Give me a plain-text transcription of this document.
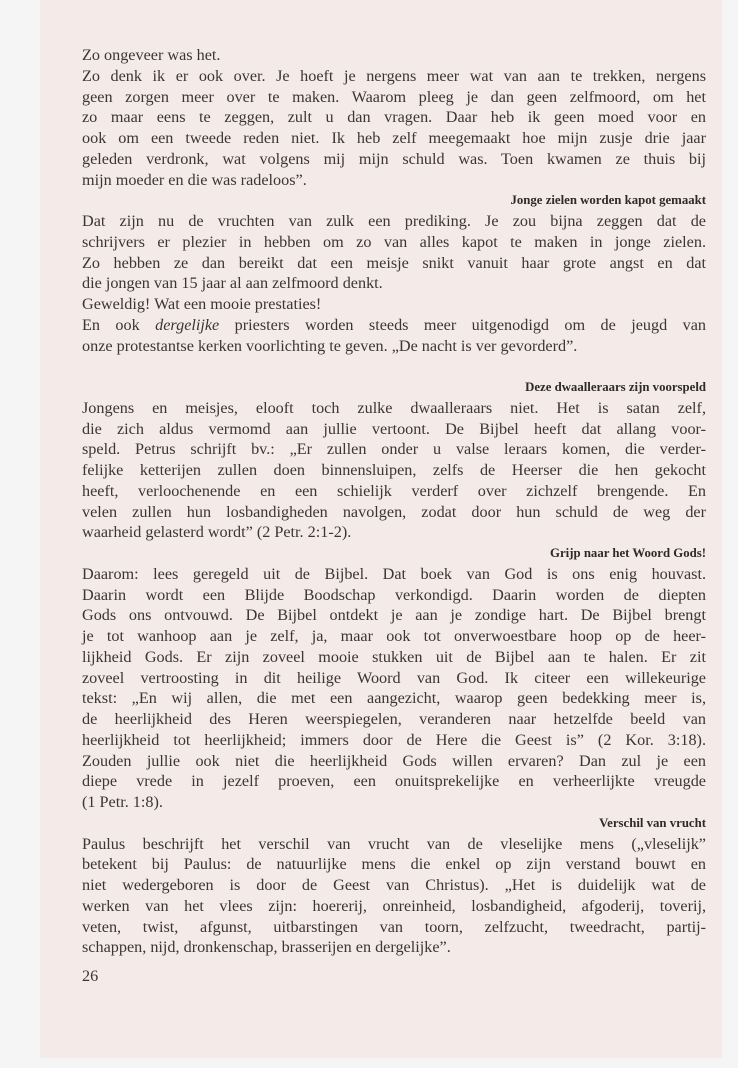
Zo ongeveer was het.
Zo denk ik er ook over. Je hoeft je nergens meer wat van aan te trekken, nergens
geen zorgen meer over te maken. Waarom pleeg je dan geen zelfmoord, om het
zo maar eens te zeggen, zult u dan vragen. Daar heb ik geen moed voor en
ook om een tweede reden niet. Ik heb zelf meegemaakt hoe mijn zusje drie jaar
geleden verdronk, wat volgens mij mijn schuld was. Toen kwamen ze thuis bij
mijn moeder en die was radeloos”.
Jonge zielen worden kapot gemaakt
Dat zijn nu de vruchten van zulk een prediking. Je zou bijna zeggen dat de
schrijvers er plezier in hebben om zo van alles kapot te maken in jonge zielen.
Zo hebben ze dan bereikt dat een meisje snikt vanuit haar grote angst en dat
die jongen van 15 jaar al aan zelfmoord denkt.
Geweldig! Wat een mooie prestaties!
En ook dergelijke priesters worden steeds meer uitgenodigd om de jeugd van
onze protestantse kerken voorlichting te geven. „De nacht is ver gevorderd”.
Deze dwaalleraars zijn voorspeld
Jongens en meisjes, elooft toch zulke dwaalleraars niet. Het is satan zelf,
die zich aldus vermomd aan jullie vertoont. De Bijbel heeft dat allang voor-
speld. Petrus schrijft bv.: „Er zullen onder u valse leraars komen, die verder-
felijke ketterijen zullen doen binnensluipen, zelfs de Heerser die hen gekocht
heeft, verloochenende en een schielijk verderf over zichzelf brengende. En
velen zullen hun losbandigheden navolgen, zodat door hun schuld de weg der
waarheid gelasterd wordt” (2 Petr. 2:1-2).
Grijp naar het Woord Gods!
Daarom: lees geregeld uit de Bijbel. Dat boek van God is ons enig houvast.
Daarin wordt een Blijde Boodschap verkondigd. Daarin worden de diepten
Gods ons ontvouwd. De Bijbel ontdekt je aan je zondige hart. De Bijbel brengt
je tot wanhoop aan je zelf, ja, maar ook tot onverwoestbare hoop op de heer-
lijkheid Gods. Er zijn zoveel mooie stukken uit de Bijbel aan te halen. Er zit
zoveel vertroosting in dit heilige Woord van God. Ik citeer een willekeurige
tekst: „En wij allen, die met een aangezicht, waarop geen bedekking meer is,
de heerlijkheid des Heren weerspiegelen, veranderen naar hetzelfde beeld van
heerlijkheid tot heerlijkheid; immers door de Here die Geest is” (2 Kor. 3:18).
Zouden jullie ook niet die heerlijkheid Gods willen ervaren? Dan zul je een
diepe vrede in jezelf proeven, een onuitsprekelijke en verheerlijkte vreugde
(1 Petr. 1:8).
Verschil van vrucht
Paulus beschrijft het verschil van vrucht van de vleselijke mens („vleselijk”
betekent bij Paulus: de natuurlijke mens die enkel op zijn verstand bouwt en
niet wedergeboren is door de Geest van Christus). „Het is duidelijk wat de
werken van het vlees zijn: hoererij, onreinheid, losbandigheid, afgoderij, toverij,
veten, twist, afgunst, uitbarstingen van toorn, zelfzucht, tweedracht, partij-
schappen, nijd, dronkenschap, brasserijen en dergelijke”.
26
